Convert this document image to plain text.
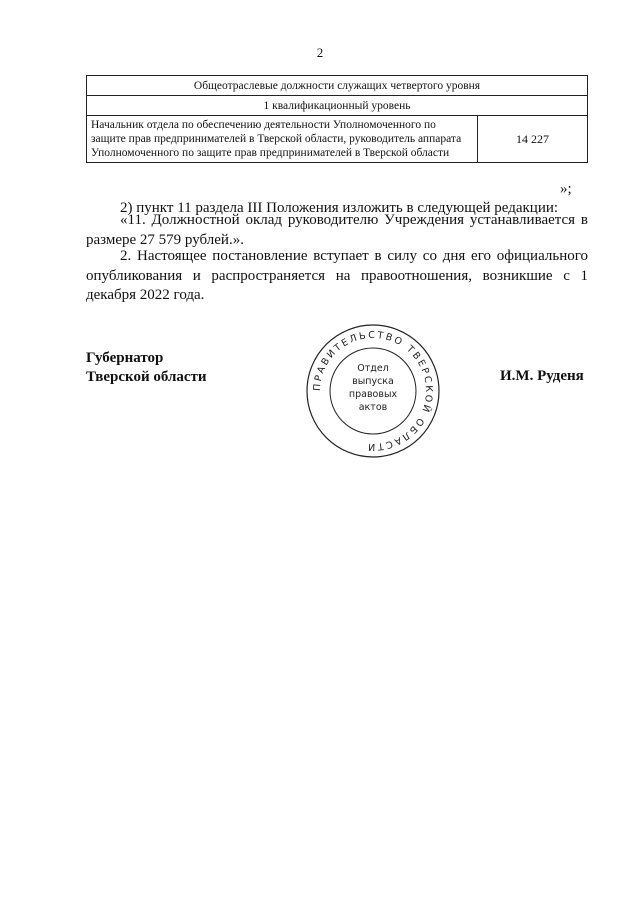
2
Общеотраслевые должности служащих четвертого уровня
1 квалификационный уровень
Начальник отдела по обеспечению деятельности Уполномоченного по защите прав предпринимателей в Тверской области, руководитель аппарата Уполномоченного по защите прав предпринимателей в Тверской области	14 227
»;

2) пункт 11 раздела III Положения изложить в следующей редакции:

«11. Должностной оклад руководителю Учреждения устанавливается в размере 27 579 рублей.».

2. Настоящее постановление вступает в силу со дня его официального опубликования и распространяется на правоотношения, возникшие с 1 декабря 2022 года.

Губернатор
Тверской области	И.М. Руденя
ПРАВИТЕЛЬСТВО ТВЕРСКОЙ ОБЛАСТИ
Отдел
выпуска
правовых
актов
